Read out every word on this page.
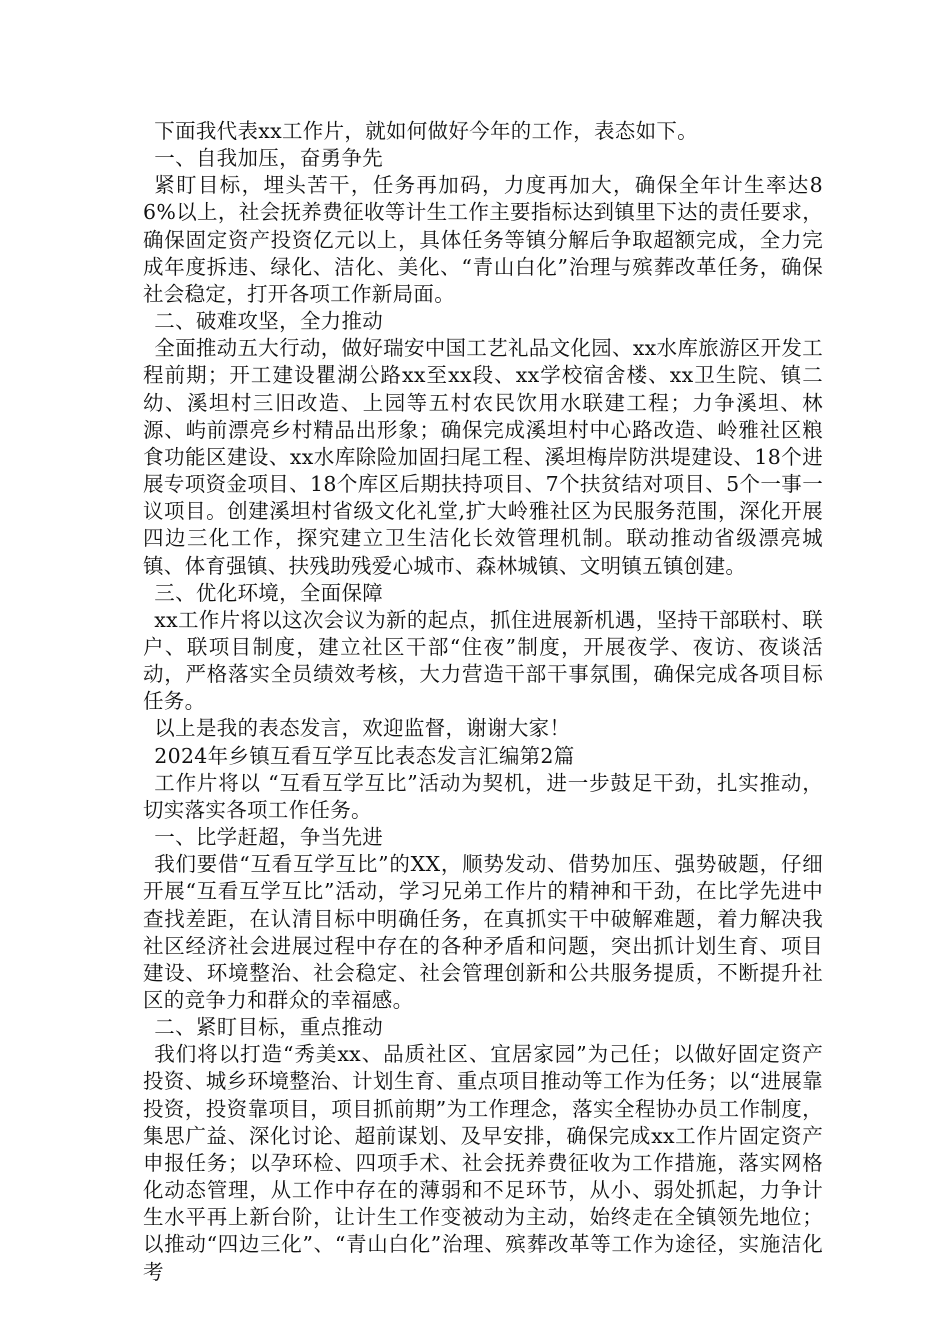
下面我代表xx工作片，就如何做好今年的工作，表态如下。

一、自我加压，奋勇争先

紧盯目标，埋头苦干，任务再加码，力度再加大，确保全年计生率达86%以上，社会抚养费征收等计生工作主要指标达到镇里下达的责任要求，确保固定资产投资亿元以上，具体任务等镇分解后争取超额完成，全力完成年度拆违、绿化、洁化、美化、“青山白化”治理与殡葬改革任务，确保社会稳定，打开各项工作新局面。

二、破难攻坚，全力推动

全面推动五大行动，做好瑞安中国工艺礼品文化园、xx水库旅游区开发工程前期；开工建设瞿湖公路xx至xx段、xx学校宿舍楼、xx卫生院、镇二幼、溪坦村三旧改造、上园等五村农民饮用水联建工程；力争溪坦、林源、屿前漂亮乡村精品出形象；确保完成溪坦村中心路改造、岭雅社区粮食功能区建设、xx水库除险加固扫尾工程、溪坦梅岸防洪堤建设、18个进展专项资金项目、18个库区后期扶持项目、7个扶贫结对项目、5个一事一议项目。创建溪坦村省级文化礼堂,扩大岭雅社区为民服务范围，深化开展四边三化工作，探究建立卫生洁化长效管理机制。联动推动省级漂亮城镇、体育强镇、扶残助残爱心城市、森林城镇、文明镇五镇创建。

三、优化环境，全面保障

xx工作片将以这次会议为新的起点，抓住进展新机遇，坚持干部联村、联户、联项目制度，建立社区干部“住夜”制度，开展夜学、夜访、夜谈活动，严格落实全员绩效考核，大力营造干部干事氛围，确保完成各项目标任务。

以上是我的表态发言，欢迎监督，谢谢大家！

2024年乡镇互看互学互比表态发言汇编第2篇

工作片将以 “互看互学互比”活动为契机，进一步鼓足干劲，扎实推动，切实落实各项工作任务。

一、比学赶超，争当先进

我们要借“互看互学互比”的XX，顺势发动、借势加压、强势破题，仔细开展“互看互学互比”活动，学习兄弟工作片的精神和干劲，在比学先进中查找差距，在认清目标中明确任务，在真抓实干中破解难题，着力解决我社区经济社会进展过程中存在的各种矛盾和问题，突出抓计划生育、项目建设、环境整治、社会稳定、社会管理创新和公共服务提质，不断提升社区的竞争力和群众的幸福感。

二、紧盯目标，重点推动

我们将以打造“秀美xx、品质社区、宜居家园”为己任；以做好固定资产投资、城乡环境整治、计划生育、重点项目推动等工作为任务；以“进展靠投资，投资靠项目，项目抓前期”为工作理念，落实全程协办员工作制度，集思广益、深化讨论、超前谋划、及早安排，确保完成xx工作片固定资产申报任务；以孕环检、四项手术、社会抚养费征收为工作措施，落实网格化动态管理，从工作中存在的薄弱和不足环节，从小、弱处抓起，力争计生水平再上新台阶，让计生工作变被动为主动，始终走在全镇领先地位；以推动“四边三化”、“青山白化”治理、殡葬改革等工作为途径，实施洁化考
